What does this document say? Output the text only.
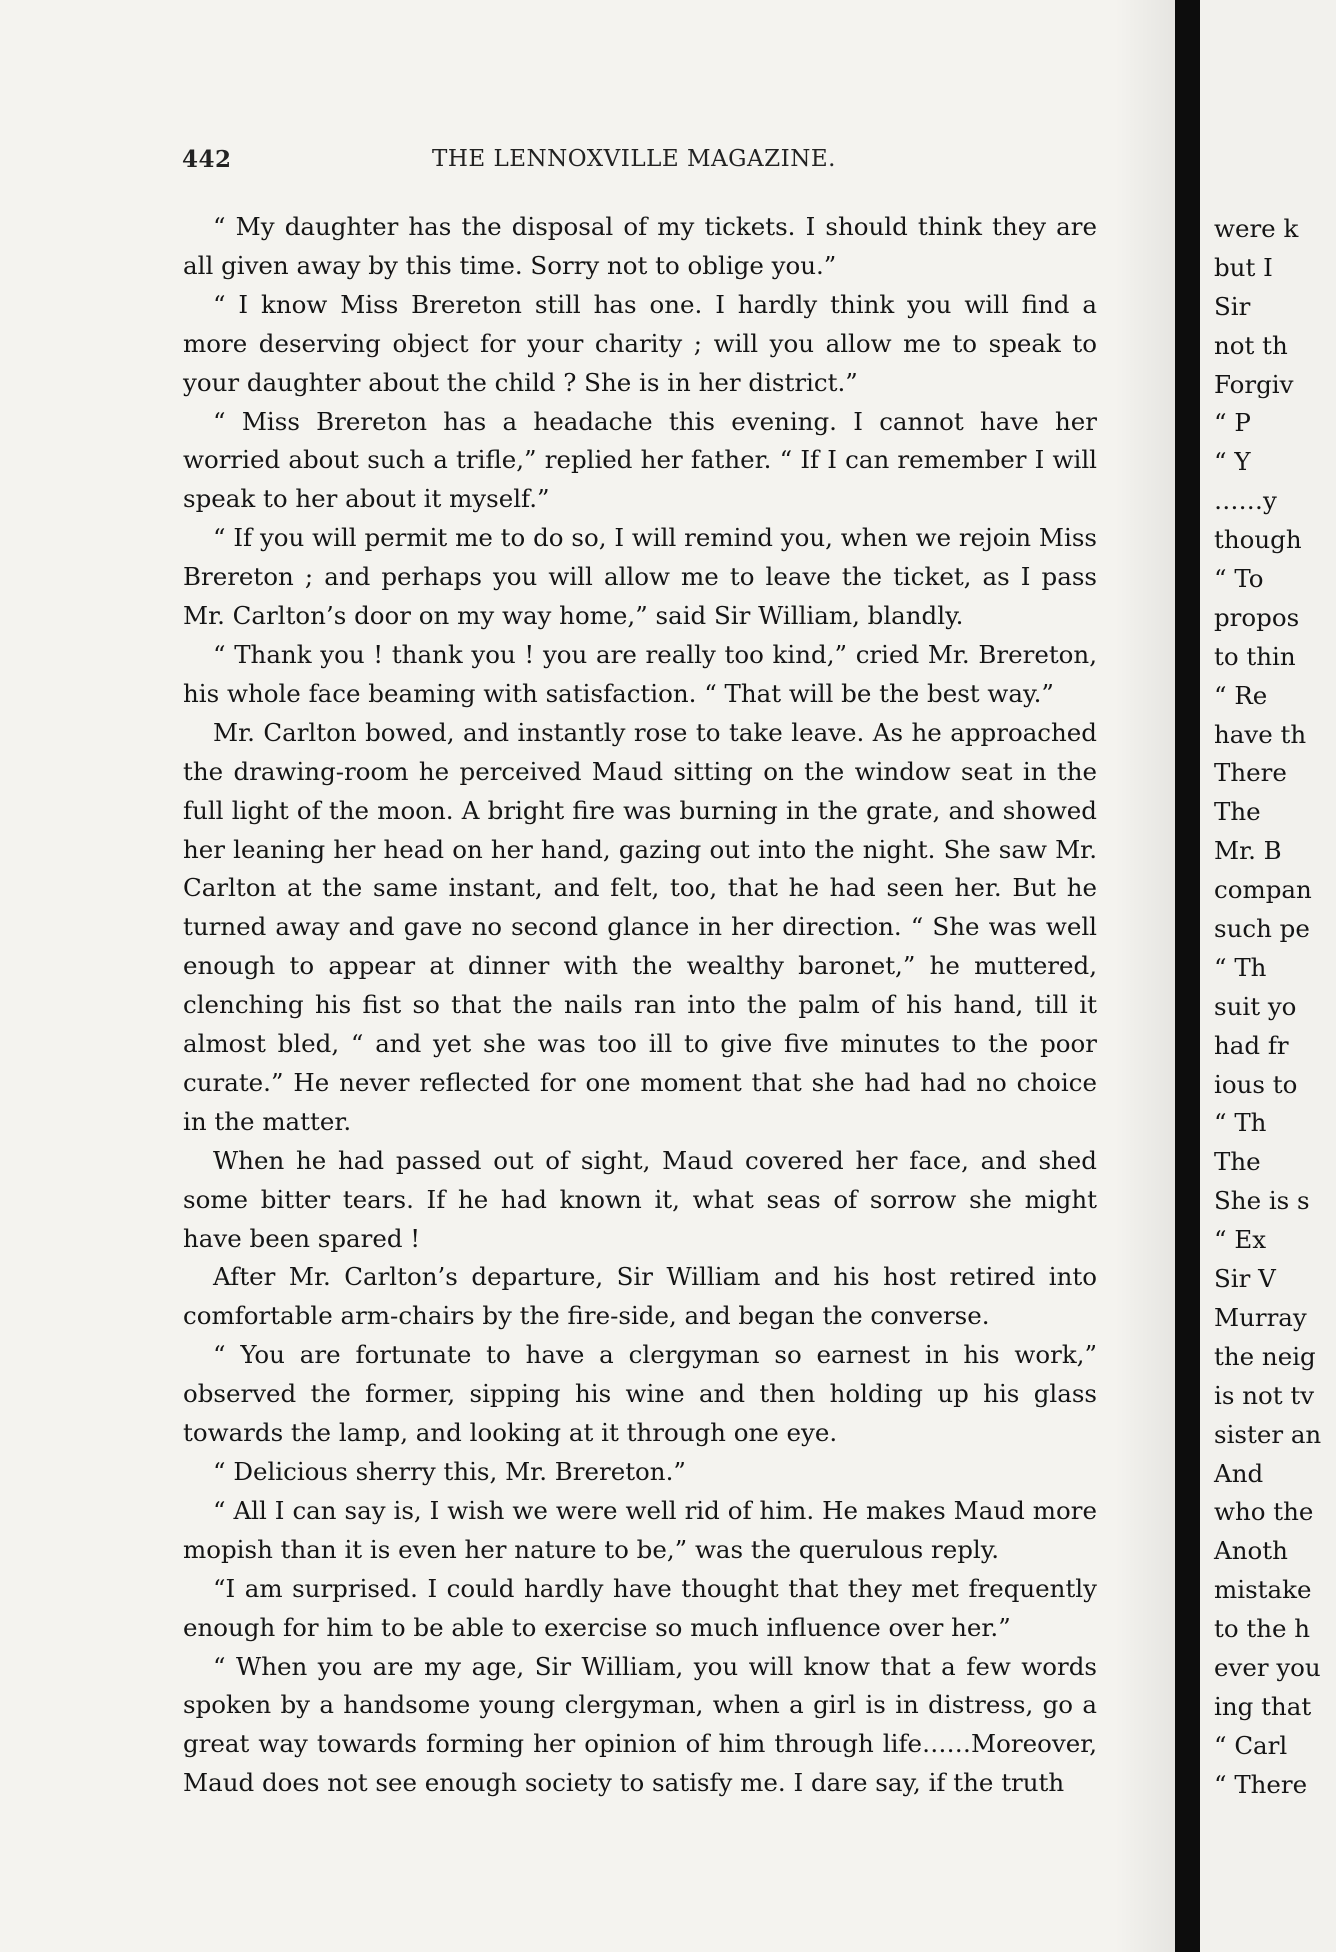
442	THE LENNOXVILLE MAGAZINE.

“ My daughter has the disposal of my tickets. I should think they are all given away by this time. Sorry not to oblige you.”

“ I know Miss Brereton still has one. I hardly think you will find a more deserving object for your charity ; will you allow me to speak to your daughter about the child ? She is in her district.”

“ Miss Brereton has a headache this evening. I cannot have her worried about such a trifle,” replied her father. “ If I can remember I will speak to her about it myself.”

“ If you will permit me to do so, I will remind you, when we rejoin Miss Brereton ; and perhaps you will allow me to leave the ticket, as I pass Mr. Carlton’s door on my way home,” said Sir William, blandly.

“ Thank you ! thank you ! you are really too kind,” cried Mr. Brereton, his whole face beaming with satisfaction. “ That will be the best way.”

Mr. Carlton bowed, and instantly rose to take leave. As he approached the drawing-room he perceived Maud sitting on the window seat in the full light of the moon. A bright fire was burning in the grate, and showed her leaning her head on her hand, gazing out into the night. She saw Mr. Carlton at the same instant, and felt, too, that he had seen her. But he turned away and gave no second glance in her direction. “ She was well enough to appear at dinner with the wealthy baronet,” he muttered, clenching his fist so that the nails ran into the palm of his hand, till it almost bled, “ and yet she was too ill to give five minutes to the poor curate.” He never reflected for one moment that she had had no choice in the matter.

When he had passed out of sight, Maud covered her face, and shed some bitter tears. If he had known it, what seas of sorrow she might have been spared !

After Mr. Carlton’s departure, Sir William and his host retired into comfortable arm-chairs by the fire-side, and began the converse.

“ You are fortunate to have a clergyman so earnest in his work,” observed the former, sipping his wine and then holding up his glass towards the lamp, and looking at it through one eye.

“ Delicious sherry this, Mr. Brereton.”

“ All I can say is, I wish we were well rid of him. He makes Maud more mopish than it is even her nature to be,” was the querulous reply.

“I am surprised. I could hardly have thought that they met frequently enough for him to be able to exercise so much influence over her.”

“ When you are my age, Sir William, you will know that a few words spoken by a handsome young clergyman, when a girl is in distress, go a great way towards forming her opinion of him through life……Moreover, Maud does not see enough society to satisfy me. I dare say, if the truth

were k
but I
Sir
not th
Forgiv
“ P
“ Y
……y
though
“ To
propos
to thin
“ Re
have th
There
The
Mr. B
compan
such pe
“ Th
suit yo
had fr
ious to
“ Th
The
She is s
“ Ex
Sir V
Murray
the neig
is not tv
sister an
And
who the
Anoth
mistake
to the h
ever you
ing that
“ Carl
“ There
